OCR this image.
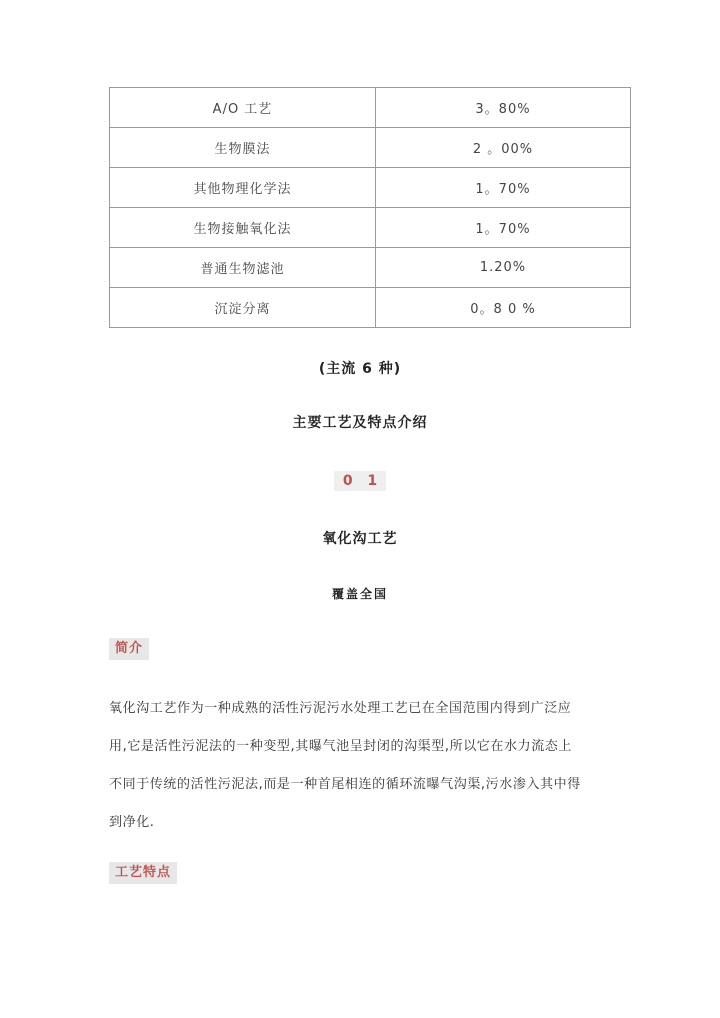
A/O 工艺	3。80%
生物膜法	2 。00%
其他物理化学法	1。70%
生物接触氧化法	1。70%
普通生物滤池	1.20%
沉淀分离	0。8 0 %
(主流 6 种)
主要工艺及特点介绍
0 1
氧化沟工艺
覆盖全国
简介
氧化沟工艺作为一种成熟的活性污泥污水处理工艺已在全国范围内得到广泛应
用,它是活性污泥法的一种变型,其曝气池呈封闭的沟渠型,所以它在水力流态上
不同于传统的活性污泥法,而是一种首尾相连的循环流曝气沟渠,污水渗入其中得
到净化.
工艺特点
